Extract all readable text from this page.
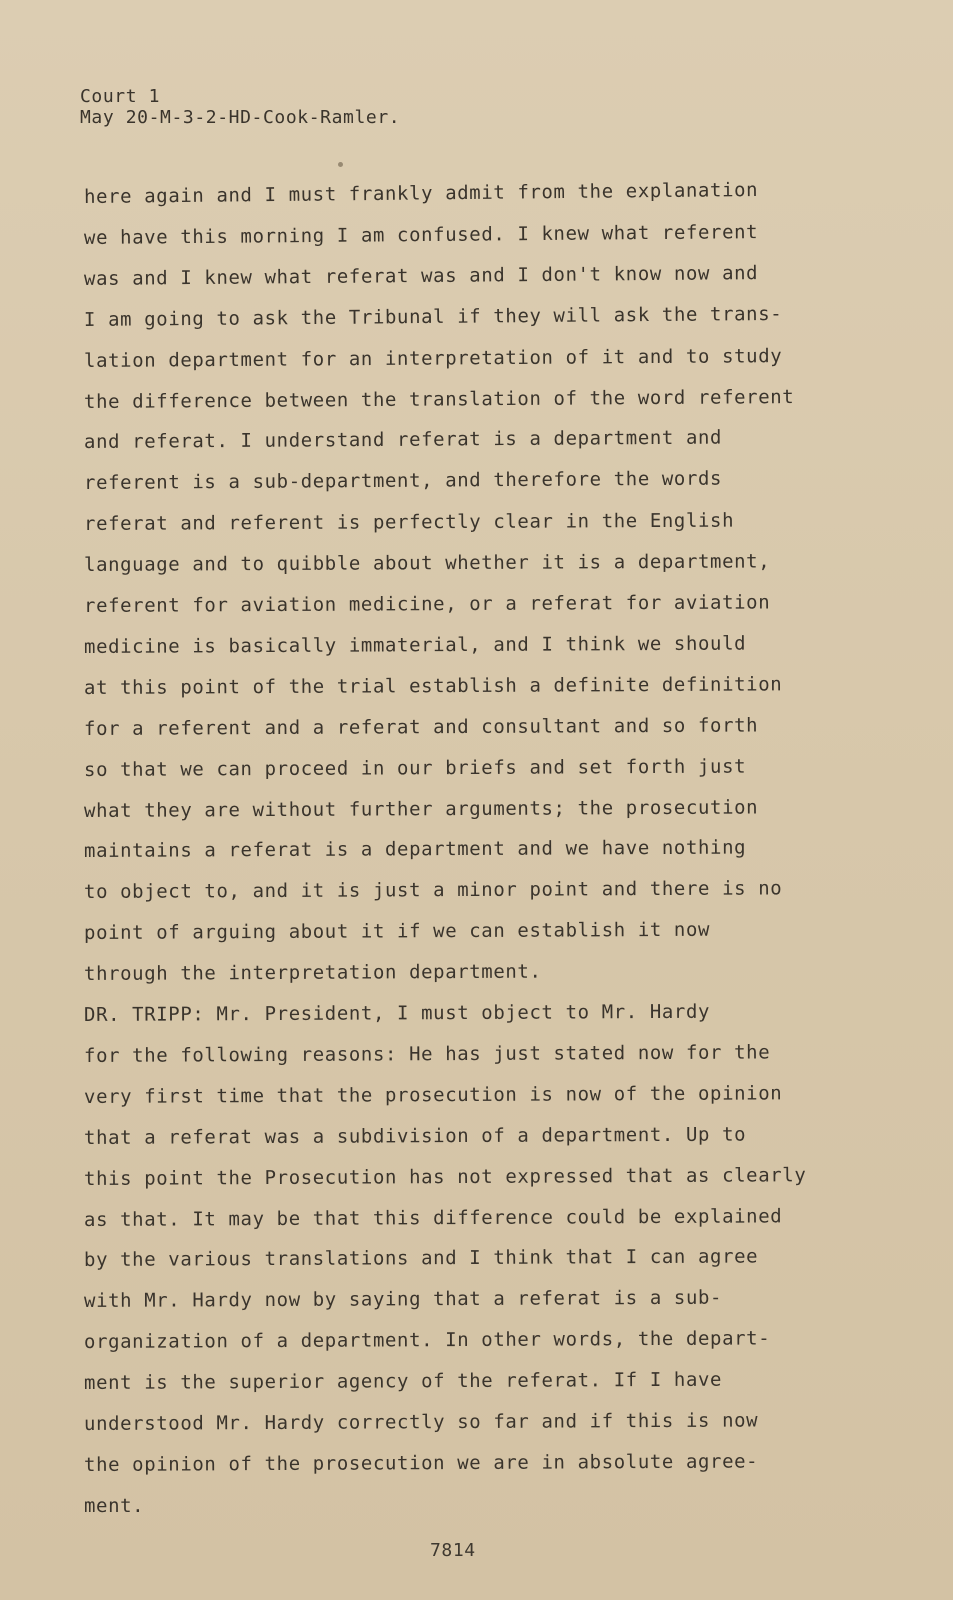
Court 1
May 20-M-3-2-HD-Cook-Ramler.
here again and I must frankly admit from the explanation
we have this morning I am confused. I knew what referent
was and I knew what referat was and I don't know now and
I am going to ask the Tribunal if they will ask the trans-
lation department for an interpretation of it and to study
the difference between the translation of the word referent
and referat. I understand referat is a department and
referent is a sub-department, and therefore the words
referat and referent is perfectly clear in the English
language and to quibble about whether it is a department,
referent for aviation medicine, or a referat for aviation
medicine is basically immaterial, and I think we should
at this point of the trial establish a definite definition
for a referent and a referat and consultant and so forth
so that we can proceed in our briefs and set forth just
what they are without further arguments; the prosecution
maintains a referat is a department and we have nothing
to object to, and it is just a minor point and there is no
point of arguing about it if we can establish it now
through the interpretation department.
DR. TRIPP: Mr. President, I must object to Mr. Hardy
for the following reasons: He has just stated now for the
very first time that the prosecution is now of the opinion
that a referat was a subdivision of a department. Up to
this point the Prosecution has not expressed that as clearly
as that. It may be that this difference could be explained
by the various translations and I think that I can agree
with Mr. Hardy now by saying that a referat is a sub-
organization of a department. In other words, the depart-
ment is the superior agency of the referat. If I have
understood Mr. Hardy correctly so far and if this is now
the opinion of the prosecution we are in absolute agree-
ment.
7814
